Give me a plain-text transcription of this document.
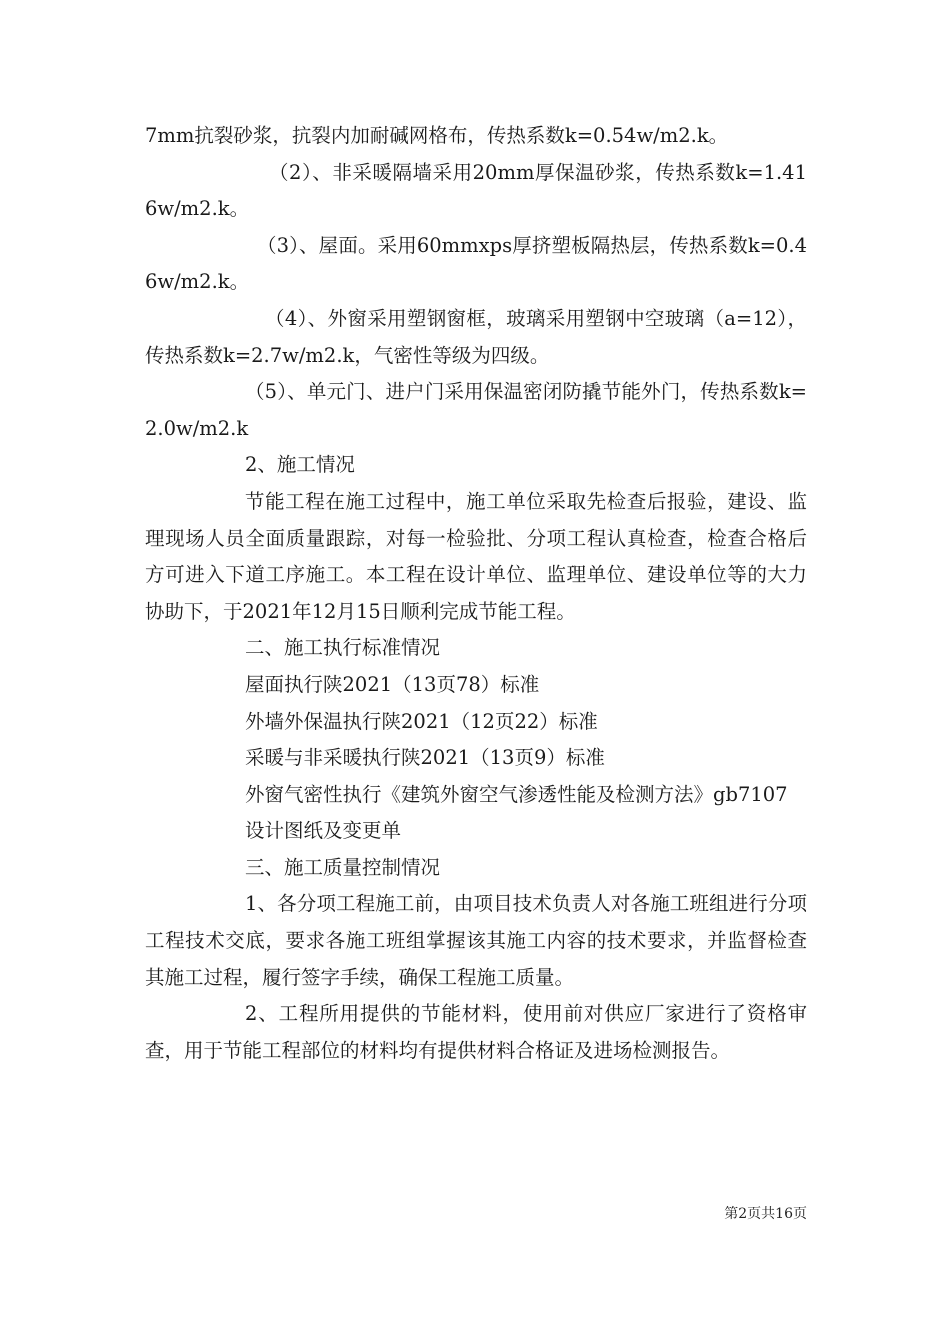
7mm抗裂砂浆，抗裂内加耐碱网格布，传热系数k=0.54w/m2.k。

（2）、非采暖隔墙采用20mm厚保温砂浆，传热系数k=1.416w/m2.k。

（3）、屋面。采用60mmxps厚挤塑板隔热层，传热系数k=0.46w/m2.k。

（4）、外窗采用塑钢窗框，玻璃采用塑钢中空玻璃（a=12），传热系数k=2.7w/m2.k，气密性等级为四级。

（5）、单元门、进户门采用保温密闭防撬节能外门，传热系数k=2.0w/m2.k

2、施工情况

节能工程在施工过程中，施工单位采取先检查后报验，建设、监理现场人员全面质量跟踪，对每一检验批、分项工程认真检查，检查合格后方可进入下道工序施工。本工程在设计单位、监理单位、建设单位等的大力协助下，于2021年12月15日顺利完成节能工程。

二、施工执行标准情况

屋面执行陕2021（13页78）标准

外墙外保温执行陕2021（12页22）标准

采暖与非采暖执行陕2021（13页9）标准

外窗气密性执行《建筑外窗空气渗透性能及检测方法》gb7107

设计图纸及变更单

三、施工质量控制情况

1、各分项工程施工前，由项目技术负责人对各施工班组进行分项工程技术交底，要求各施工班组掌握该其施工内容的技术要求，并监督检查其施工过程，履行签字手续，确保工程施工质量。

2、工程所用提供的节能材料，使用前对供应厂家进行了资格审查，用于节能工程部位的材料均有提供材料合格证及进场检测报告。

第2页共16页
